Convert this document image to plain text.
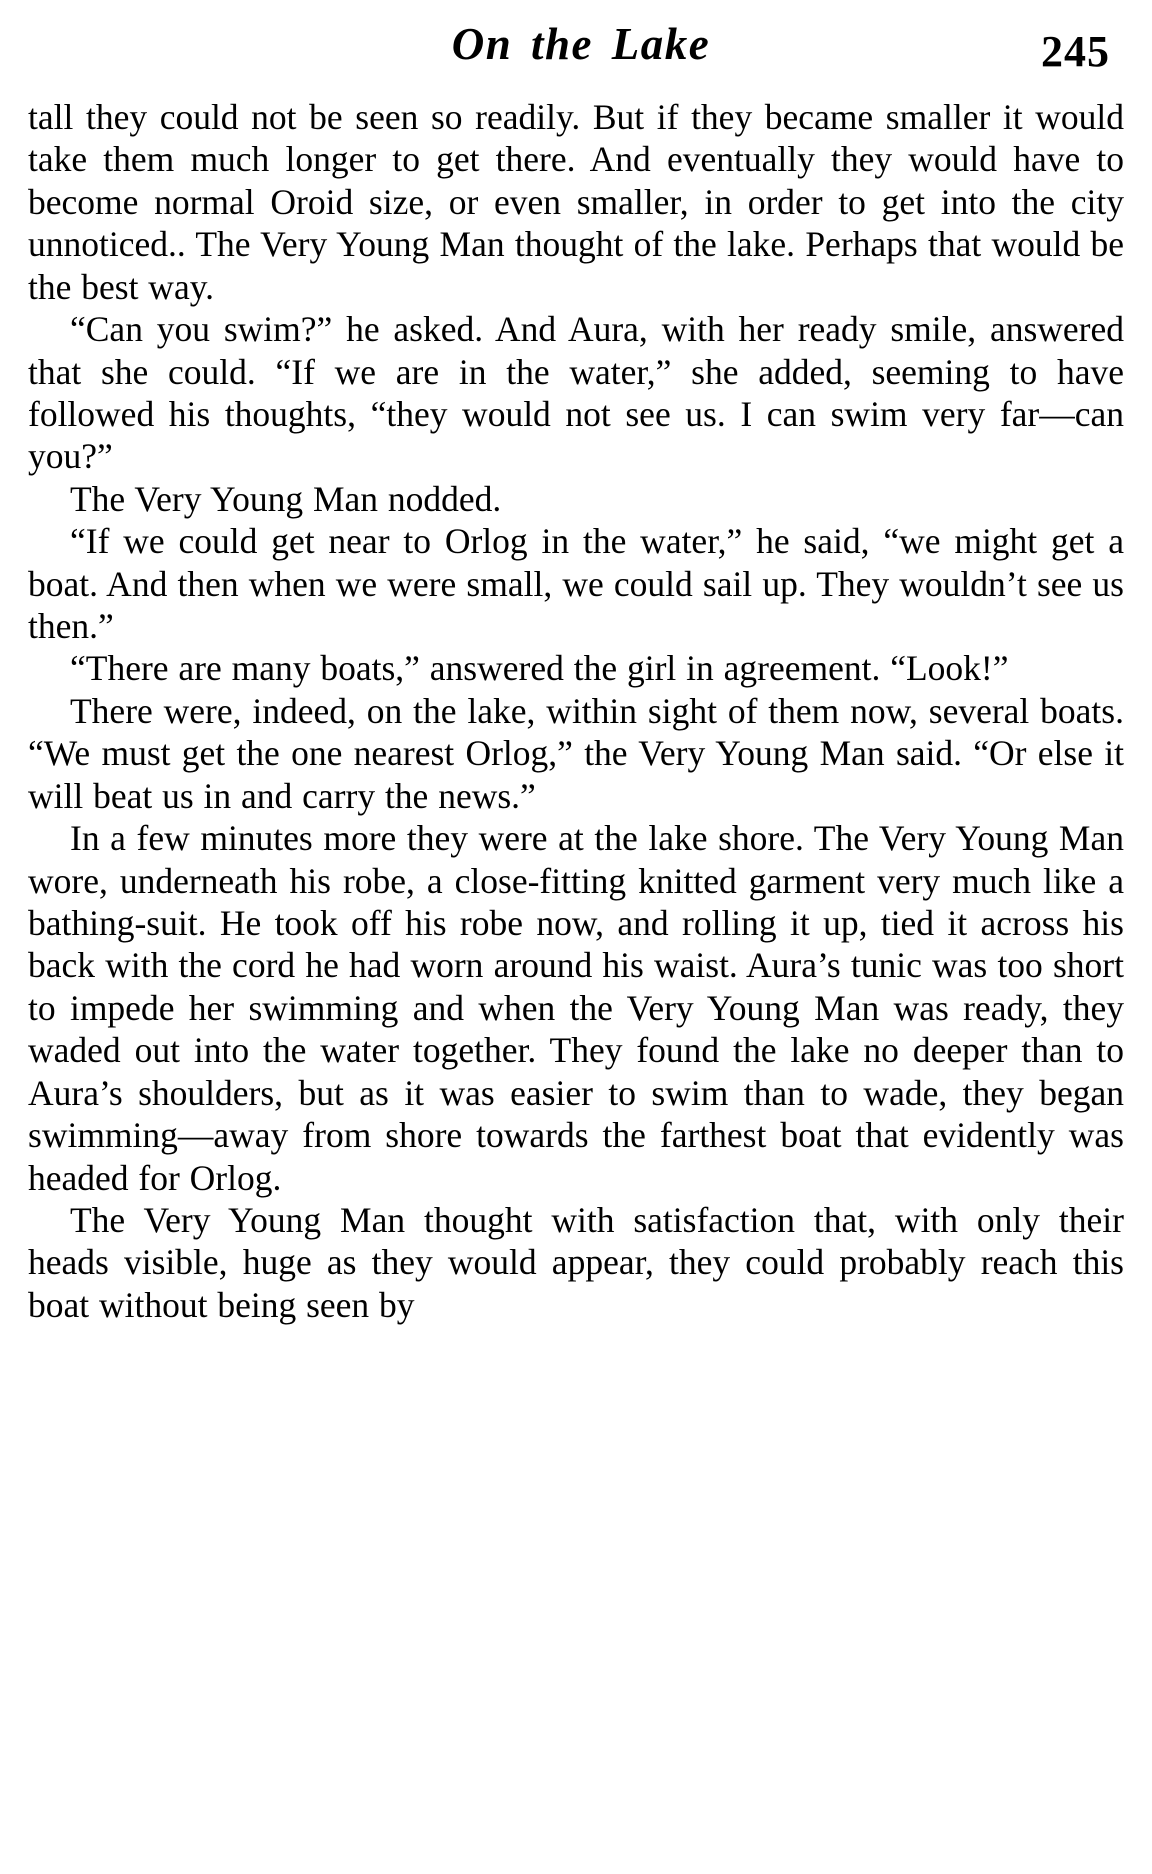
On the Lake	245

tall they could not be seen so readily. But if they became smaller it would take them much longer to get there. And eventually they would have to become normal Oroid size, or even smaller, in order to get into the city unnoticed.. The Very Young Man thought of the lake. Perhaps that would be the best way.

“Can you swim?” he asked. And Aura, with her ready smile, answered that she could. “If we are in the water,” she added, seeming to have followed his thoughts, “they would not see us. I can swim very far—can you?”

The Very Young Man nodded.

“If we could get near to Orlog in the water,” he said, “we might get a boat. And then when we were small, we could sail up. They wouldn’t see us then.”

“There are many boats,” answered the girl in agreement. “Look!”

There were, indeed, on the lake, within sight of them now, several boats. “We must get the one nearest Orlog,” the Very Young Man said. “Or else it will beat us in and carry the news.”

In a few minutes more they were at the lake shore. The Very Young Man wore, underneath his robe, a close-fitting knitted garment very much like a bathing-suit. He took off his robe now, and rolling it up, tied it across his back with the cord he had worn around his waist. Aura’s tunic was too short to impede her swimming and when the Very Young Man was ready, they waded out into the water together. They found the lake no deeper than to Aura’s shoulders, but as it was easier to swim than to wade, they began swimming—away from shore towards the farthest boat that evidently was headed for Orlog.

The Very Young Man thought with satisfaction that, with only their heads visible, huge as they would appear, they could probably reach this boat without being seen by
